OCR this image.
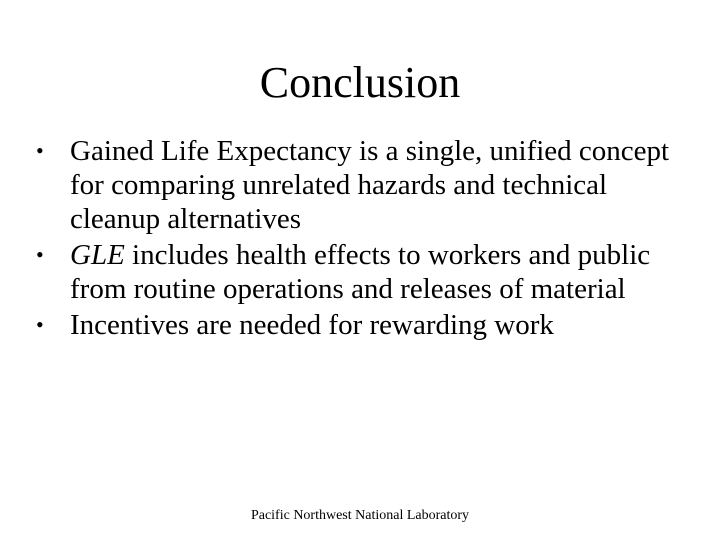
Conclusion
• Gained Life Expectancy is a single, unified concept for comparing unrelated hazards and technical cleanup alternatives
• GLE includes health effects to workers and public from routine operations and releases of material
• Incentives are needed for rewarding work
Pacific Northwest National Laboratory
